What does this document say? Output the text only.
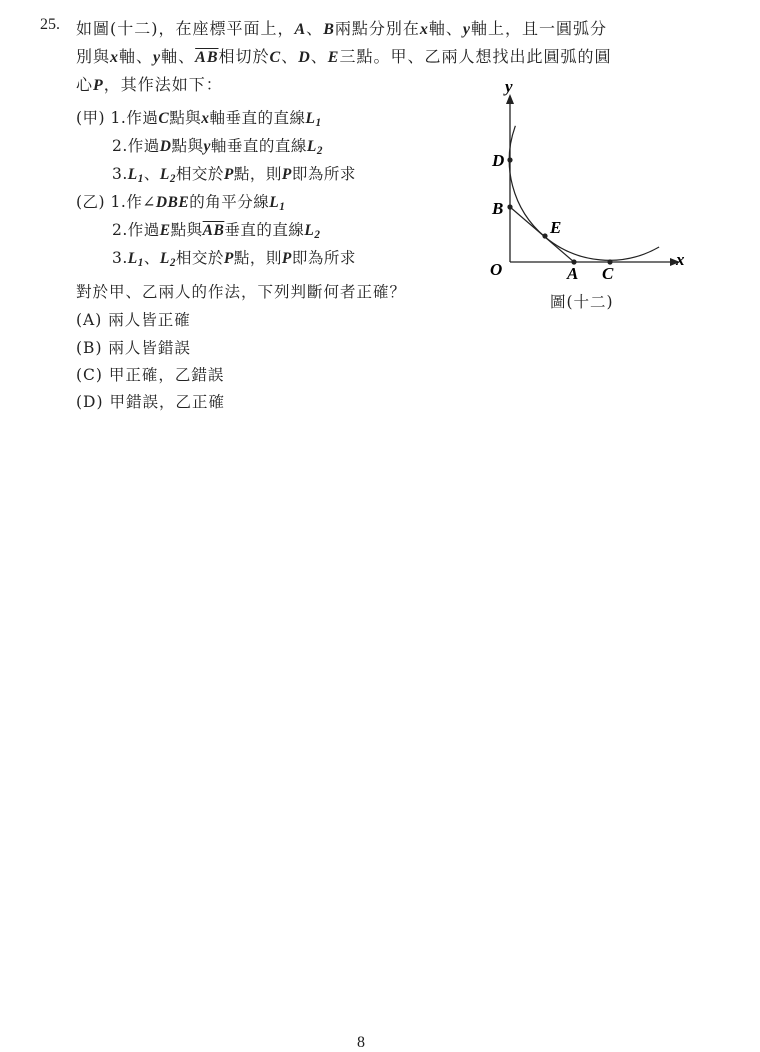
25. 如圖(十二)，在座標平面上，A、B兩點分別在x軸、y軸上，且一圓弧分
別與x軸、y軸、$\overline{AB}$相切於C、D、E三點。甲、乙兩人想找出此圓弧的圓
心P，其作法如下：
(甲) 1.作過C點與x軸垂直的直線$L_1$
2.作過D點與y軸垂直的直線$L_2$
$3.L_1$、$L_2$相交於P點，則P即為所求
(乙) 1.作∠DBE的角平分線$L_1$
2.作過E點與$\overline{AB}$垂直的直線$L_2$
$3.L_1$、$L_2$相交於P點，則P即為所求
對於甲、乙兩人的作法，下列判斷何者正確？
(A) 兩人皆正確
(B) 兩人皆錯誤
(C) 甲正確，乙錯誤
(D) 甲錯誤，乙正確
y
x
O
D
B
E
A C
圖(十二)
8
